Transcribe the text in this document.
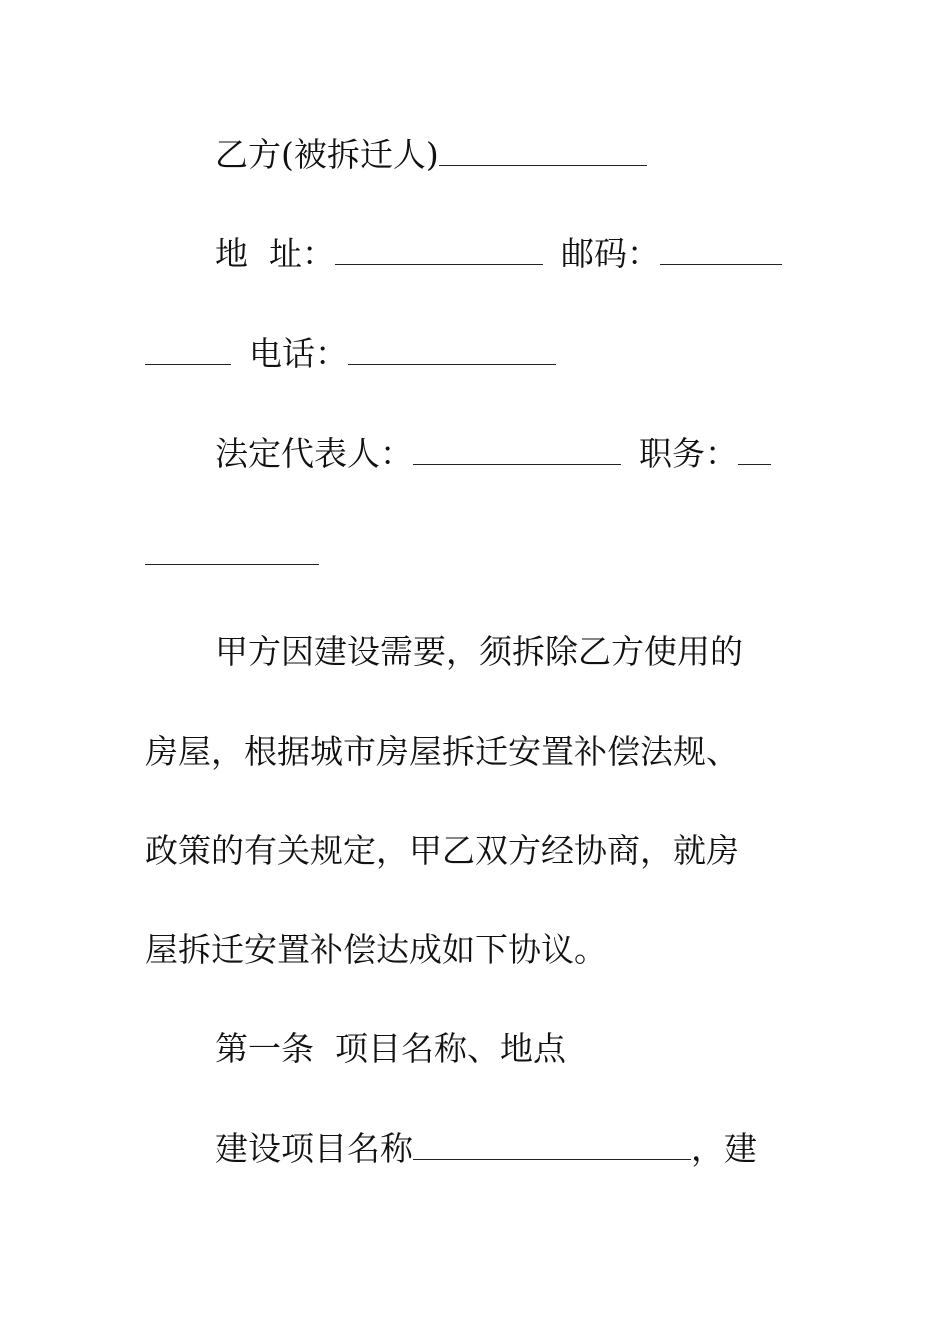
乙方(被拆迁人)
地  址：	邮码：
电话：
法定代表人：	职务：
甲方因建设需要，须拆除乙方使用的
房屋，根据城市房屋拆迁安置补偿法规、
政策的有关规定，甲乙双方经协商，就房
屋拆迁安置补偿达成如下协议。
第一条  项目名称、地点
建设项目名称	，建
